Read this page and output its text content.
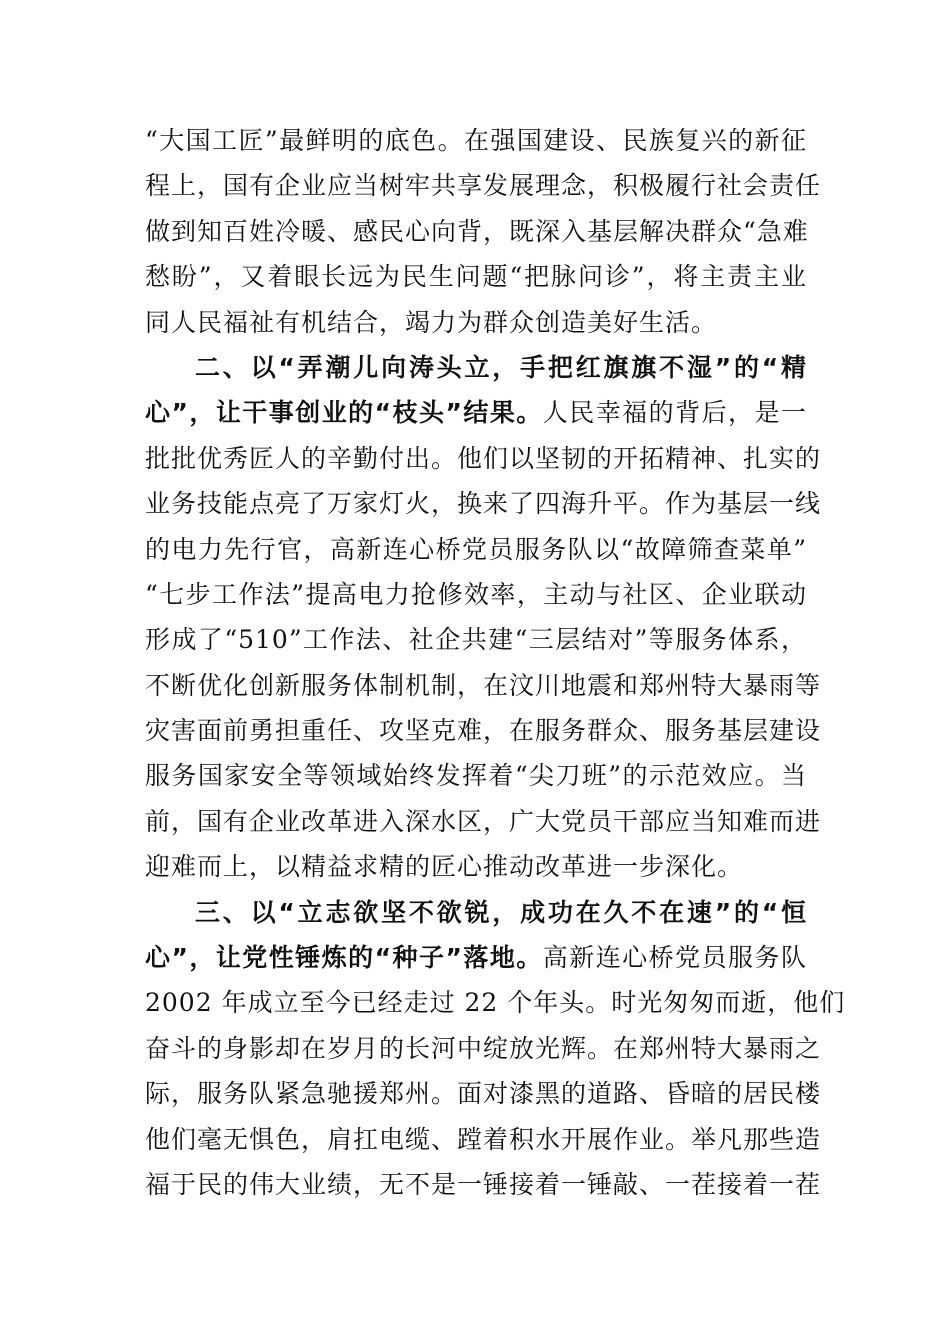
“大国工匠”最鲜明的底色。在强国建设、民族复兴的新征
程上，国有企业应当树牢共享发展理念，积极履行社会责任
做到知百姓冷暖、感民心向背，既深入基层解决群众“急难
愁盼”，又着眼长远为民生问题“把脉问诊”，将主责主业
同人民福祉有机结合，竭力为群众创造美好生活。
二、以“弄潮儿向涛头立，手把红旗旗不湿”的“精
心”，让干事创业的“枝头”结果。人民幸福的背后，是一
批批优秀匠人的辛勤付出。他们以坚韧的开拓精神、扎实的
业务技能点亮了万家灯火，换来了四海升平。作为基层一线
的电力先行官，高新连心桥党员服务队以“故障筛查菜单”
“七步工作法”提高电力抢修效率，主动与社区、企业联动
形成了“510”工作法、社企共建“三层结对”等服务体系，
不断优化创新服务体制机制，在汶川地震和郑州特大暴雨等
灾害面前勇担重任、攻坚克难，在服务群众、服务基层建设
服务国家安全等领域始终发挥着“尖刀班”的示范效应。当
前，国有企业改革进入深水区，广大党员干部应当知难而进
迎难而上，以精益求精的匠心推动改革进一步深化。
三、以“立志欲坚不欲锐，成功在久不在速”的“恒
心”，让党性锤炼的“种子”落地。高新连心桥党员服务队
2002 年成立至今已经走过 22 个年头。时光匆匆而逝，他们
奋斗的身影却在岁月的长河中绽放光辉。在郑州特大暴雨之
际，服务队紧急驰援郑州。面对漆黑的道路、昏暗的居民楼
他们毫无惧色，肩扛电缆、蹚着积水开展作业。举凡那些造
福于民的伟大业绩，无不是一锤接着一锤敲、一茬接着一茬
